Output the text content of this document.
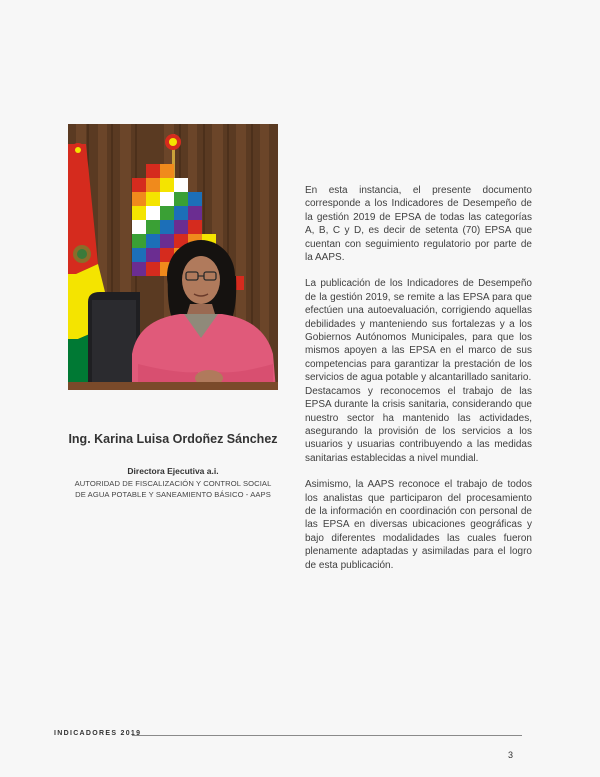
Ing. Karina Luisa Ordoñez Sánchez
Directora Ejecutiva a.i.
AUTORIDAD DE FISCALIZACIÓN Y CONTROL SOCIAL
DE AGUA POTABLE Y SANEAMIENTO BÁSICO - AAPS

En esta instancia, el presente documento corresponde a los Indicadores de Desempeño de la gestión 2019 de EPSA de todas las categorías A, B, C y D, es decir de setenta (70) EPSA que cuentan con seguimiento regulatorio por parte de la AAPS.

La publicación de los Indicadores de Desempeño de la gestión 2019, se remite a las EPSA para que efectúen una autoevaluación, corrigiendo aquellas debilidades y manteniendo sus fortalezas y a los Gobiernos Autónomos Municipales, para que los mismos apoyen a las EPSA en el marco de sus competencias para garantizar la prestación de los servicios de agua potable y alcantarillado sanitario.

Destacamos y reconocemos el trabajo de las EPSA durante la crisis sanitaria, considerando que nuestro sector ha mantenido las actividades, asegurando la provisión de los servicios a los usuarios y usuarias contribuyendo a las medidas sanitarias establecidas a nivel mundial.

Asimismo, la AAPS reconoce el trabajo de todos los analistas que participaron del procesamiento de la información en coordinación con personal de las EPSA en diversas ubicaciones geográficas y bajo diferentes modalidades las cuales fueron plenamente adaptadas y asimiladas para el logro de esta publicación.

INDICADORES 2019
3
